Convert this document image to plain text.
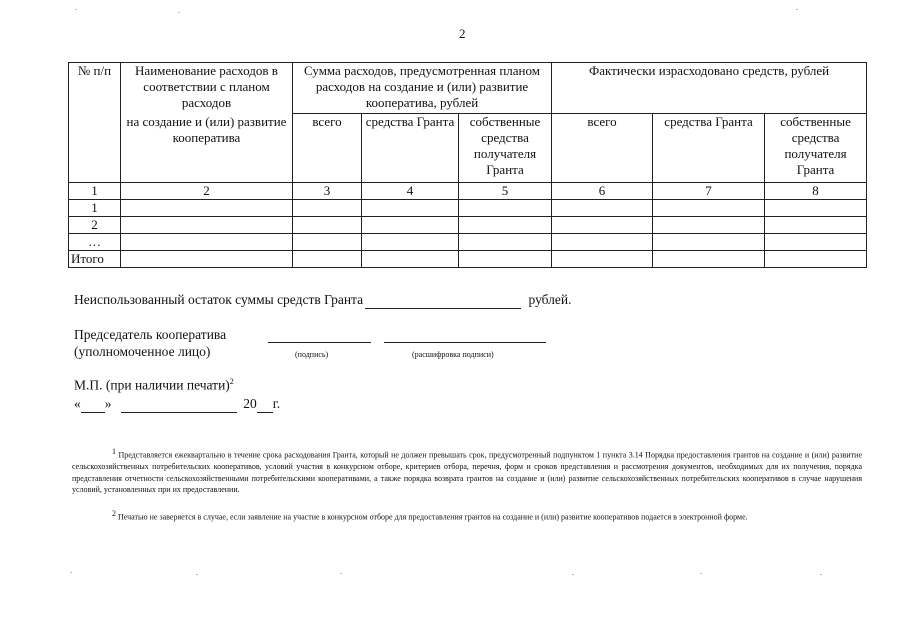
2
№ п/п	Наименование расходов в соответствии с планом расходов	Сумма расходов, предусмотренная планом расходов на создание и (или) развитие кооператива, рублей			Фактически израсходовано средств, рублей		
	на создание и (или) развитие кооператива	всего	средства Гранта	собственные средства получателя Гранта	всего	средства Гранта	собственные средства получателя Гранта
1	2	3	4	5	6	7	8
1							
2							
…							
Итого							
Неиспользованный остаток суммы средств Гранта	рублей.
Председатель кооператива
(уполномоченное лицо)	(подпись)	(расшифровка подписи)
М.П. (при наличии печати)$^2$
« »	20 г.
$^1$ Представляется ежеквартально в течение срока расходования Гранта, который не должен превышать срок, предусмотренный подпунктом 1 пункта 3.14 Порядка предоставления грантов на создание и (или) развитие сельскохозяйственных потребительских кооперативов, условий участия в конкурсном отборе, критериев отбора, перечня, форм и сроков представления и рассмотрения документов, необходимых для их получения, порядка представления отчетности сельскохозяйственными потребительскими кооперативами, а также порядка возврата грантов на создание и (или) развитие сельскохозяйственных потребительских кооперативов в случае нарушения условий, установленных при их предоставлении.
$^2$ Печатью не заверяется в случае, если заявление на участие в конкурсном отборе для предоставления грантов на создание и (или) развитие кооперативов подается в электронной форме.
